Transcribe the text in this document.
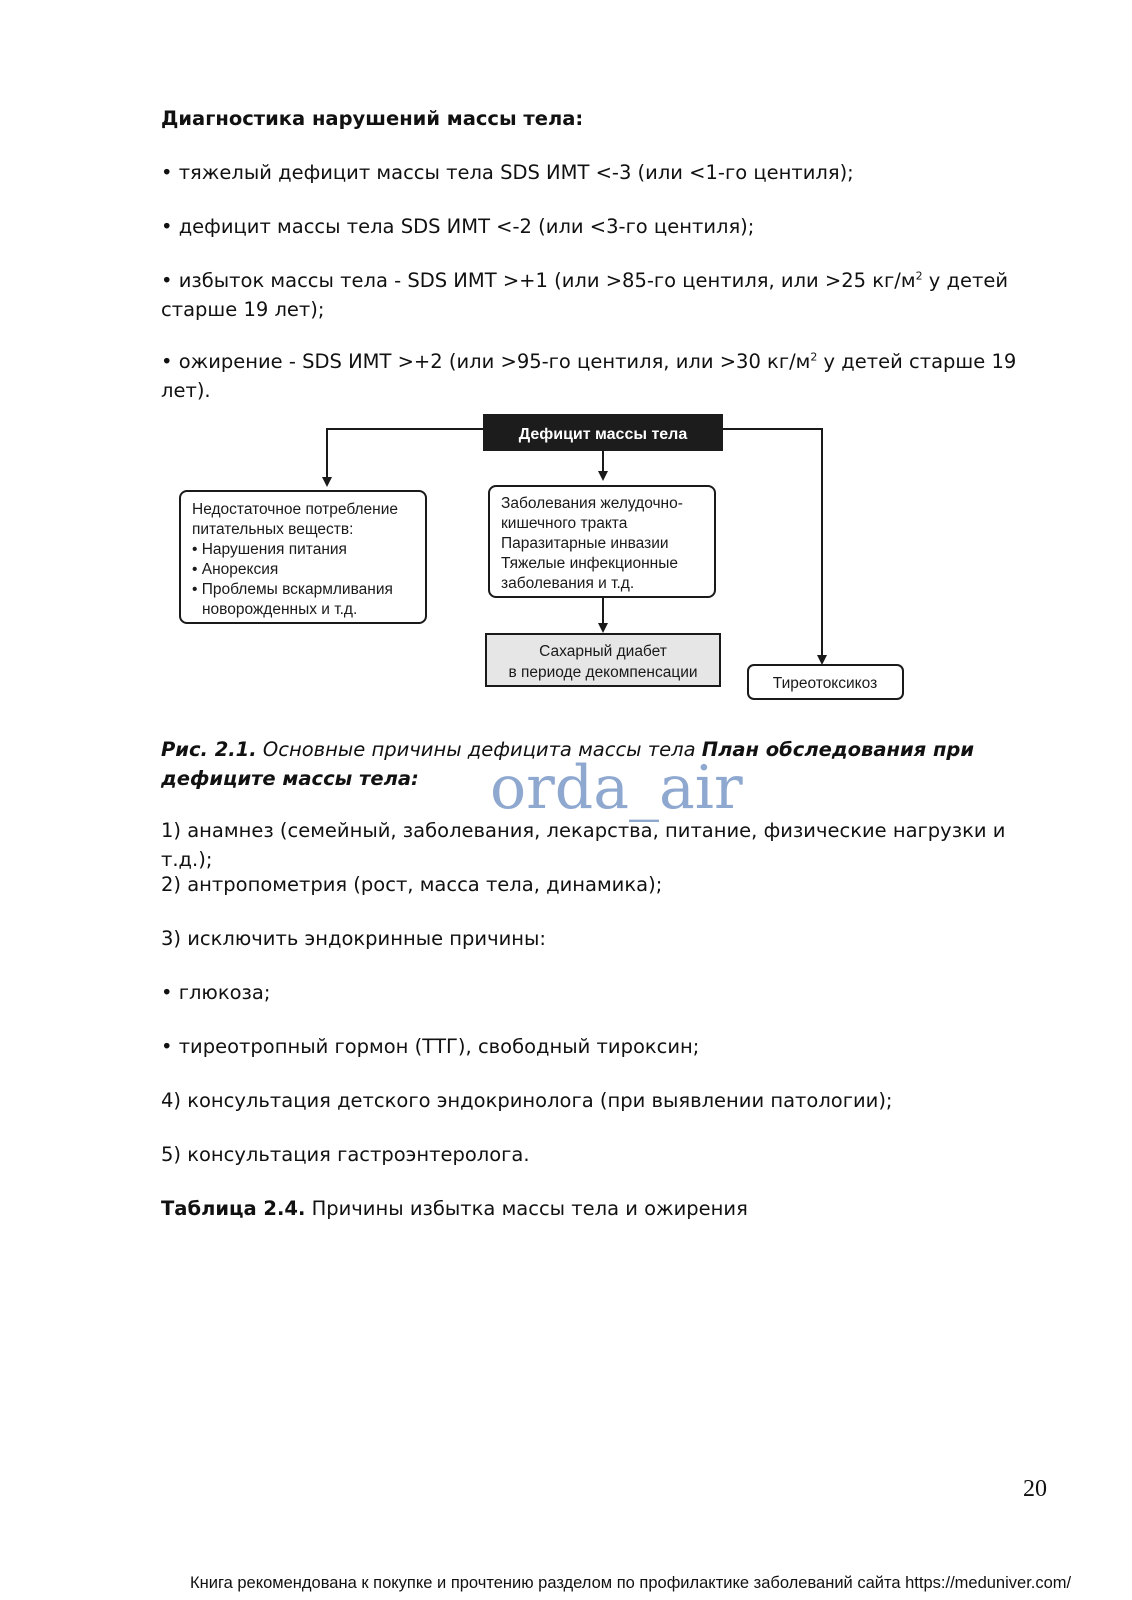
Диагностика нарушений массы тела:

• тяжелый дефицит массы тела SDS ИМТ <-3 (или <1-го центиля);

• дефицит массы тела SDS ИМТ <-2 (или <3-го центиля);

• избыток массы тела - SDS ИМТ >+1 (или >85-го центиля, или >25 $кг/м^2$ у детей старше 19 лет);

• ожирение - SDS ИМТ >+2 (или >95-го центиля, или >30 $кг/м^2$ у детей старше 19 лет).

Дефицит массы тела
Недостаточное потребление
питательных веществ:
• Нарушения питания
• Анорексия
• Проблемы вскармливания
новорожденных и т.д.
Заболевания желудочно-
кишечного тракта
Паразитарные инвазии
Тяжелые инфекционные
заболевания и т.д.
Сахарный диабет
в периоде декомпенсации
Тиреотоксикоз

Рис. 2.1. Основные причины дефицита массы тела План обследования при дефиците массы тела:	orda_air

1) анамнез (семейный, заболевания, лекарства, питание, физические нагрузки и т.д.);

2) антропометрия (рост, масса тела, динамика);

3) исключить эндокринные причины:

• глюкоза;

• тиреотропный гормон (ТТГ), свободный тироксин;

4) консультация детского эндокринолога (при выявлении патологии);

5) консультация гастроэнтеролога.

Таблица 2.4. Причины избытка массы тела и ожирения

20
Книга рекомендована к покупке и прочтению разделом по профилактике заболеваний сайта https://meduniver.com/
